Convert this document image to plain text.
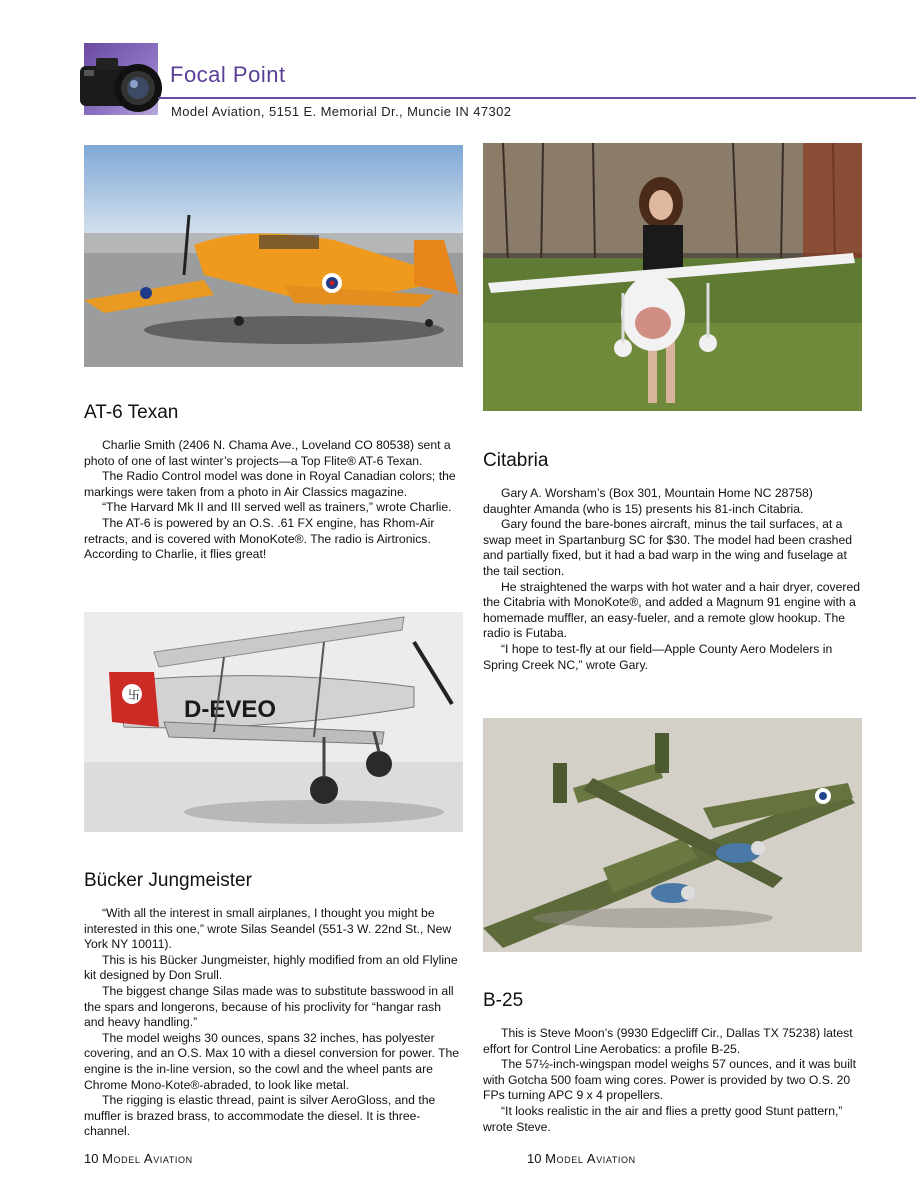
Focal Point
Model Aviation, 5151 E. Memorial Dr., Muncie IN 47302
AT-6 Texan

Charlie Smith (2406 N. Chama Ave., Loveland CO 80538) sent a photo of one of last winter’s projects—a Top Flite® AT-6 Texan.

The Radio Control model was done in Royal Canadian colors; the markings were taken from a photo in Air Classics magazine.

“The Harvard Mk II and III served well as trainers,” wrote Charlie.

The AT-6 is powered by an O.S. .61 FX engine, has Rhom-Air retracts, and is covered with MonoKote®. The radio is Airtronics. According to Charlie, it flies great!

卐
D-EVEO
Bücker Jungmeister

“With all the interest in small airplanes, I thought you might be interested in this one,” wrote Silas Seandel (551-3 W. 22nd St., New York NY 10011).

This is his Bücker Jungmeister, highly modified from an old Flyline kit designed by Don Srull.

The biggest change Silas made was to substitute basswood in all the spars and longerons, because of his proclivity for “hangar rash and heavy handling.”

The model weighs 30 ounces, spans 32 inches, has polyester covering, and an O.S. Max 10 with a diesel conversion for power. The engine is the in-line version, so the cowl and the wheel pants are Chrome Mono-Kote®-abraded, to look like metal.

The rigging is elastic thread, paint is silver AeroGloss, and the muffler is brazed brass, to accommodate the diesel. It is three-channel.

Citabria

Gary A. Worsham’s (Box 301, Mountain Home NC 28758) daughter Amanda (who is 15) presents his 81-inch Citabria.

Gary found the bare-bones aircraft, minus the tail surfaces, at a swap meet in Spartanburg SC for $30. The model had been crashed and partially fixed, but it had a bad warp in the wing and fuselage at the tail section.

He straightened the warps with hot water and a hair dryer, covered the Citabria with MonoKote®, and added a Magnum 91 engine with a homemade muffler, an easy-fueler, and a remote glow hookup. The radio is Futaba.

“I hope to test-fly at our field—Apple County Aero Modelers in Spring Creek NC,” wrote Gary.

B-25

This is Steve Moon’s (9930 Edgecliff Cir., Dallas TX 75238) latest effort for Control Line Aerobatics: a profile B-25.

The 57½-inch-wingspan model weighs 57 ounces, and it was built with Gotcha 500 foam wing cores. Power is provided by two O.S. 20 FPs turning APC 9 x 4 propellers.

“It looks realistic in the air and flies a pretty good Stunt pattern,” wrote Steve.

10 Model Aviation	10 Model Aviation
